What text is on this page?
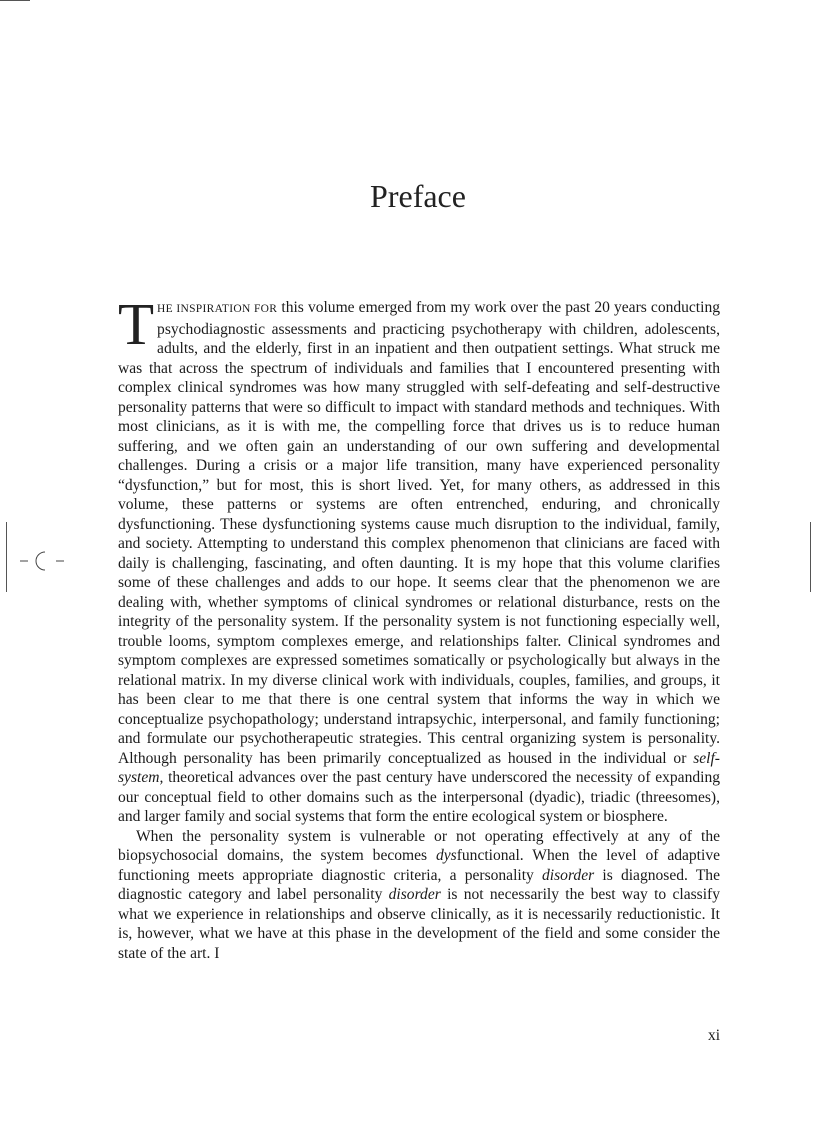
Preface

THE INSPIRATION FOR this volume emerged from my work over the past 20 years conducting psychodiagnostic assessments and practicing psychotherapy with children, adolescents, adults, and the elderly, first in an inpatient and then outpatient settings. What struck me was that across the spectrum of individuals and families that I encountered presenting with complex clinical syndromes was how many struggled with self-defeating and self-destructive personality patterns that were so difficult to impact with standard methods and techniques. With most clinicians, as it is with me, the compelling force that drives us is to reduce human suffering, and we often gain an understanding of our own suffering and developmental challenges. During a crisis or a major life transition, many have experienced personality “dysfunction,” but for most, this is short lived. Yet, for many others, as addressed in this volume, these patterns or systems are often entrenched, enduring, and chronically dysfunctioning. These dysfunctioning systems cause much disruption to the individual, family, and society. Attempting to understand this complex phenomenon that clinicians are faced with daily is challenging, fascinating, and often daunting. It is my hope that this volume clarifies some of these challenges and adds to our hope. It seems clear that the phenomenon we are dealing with, whether symptoms of clinical syndromes or relational disturbance, rests on the integrity of the personality system. If the personality system is not functioning especially well, trouble looms, symptom complexes emerge, and relationships falter. Clinical syndromes and symptom complexes are expressed sometimes somatically or psychologically but always in the relational matrix. In my diverse clinical work with individuals, couples, families, and groups, it has been clear to me that there is one central system that informs the way in which we conceptualize psychopathology; understand intrapsychic, interpersonal, and family functioning; and formulate our psychotherapeutic strategies. This central organizing system is personality. Although personality has been primarily conceptualized as housed in the individual or self-system, theoretical advances over the past century have underscored the necessity of expanding our conceptual field to other domains such as the interpersonal (dyadic), triadic (threesomes), and larger family and social systems that form the entire ecological system or biosphere.

When the personality system is vulnerable or not operating effectively at any of the biopsychosocial domains, the system becomes dysfunctional. When the level of adaptive functioning meets appropriate diagnostic criteria, a personality disorder is diagnosed. The diagnostic category and label personality disorder is not necessarily the best way to classify what we experience in relationships and observe clinically, as it is necessarily reductionistic. It is, however, what we have at this phase in the development of the field and some consider the state of the art. I

xi
